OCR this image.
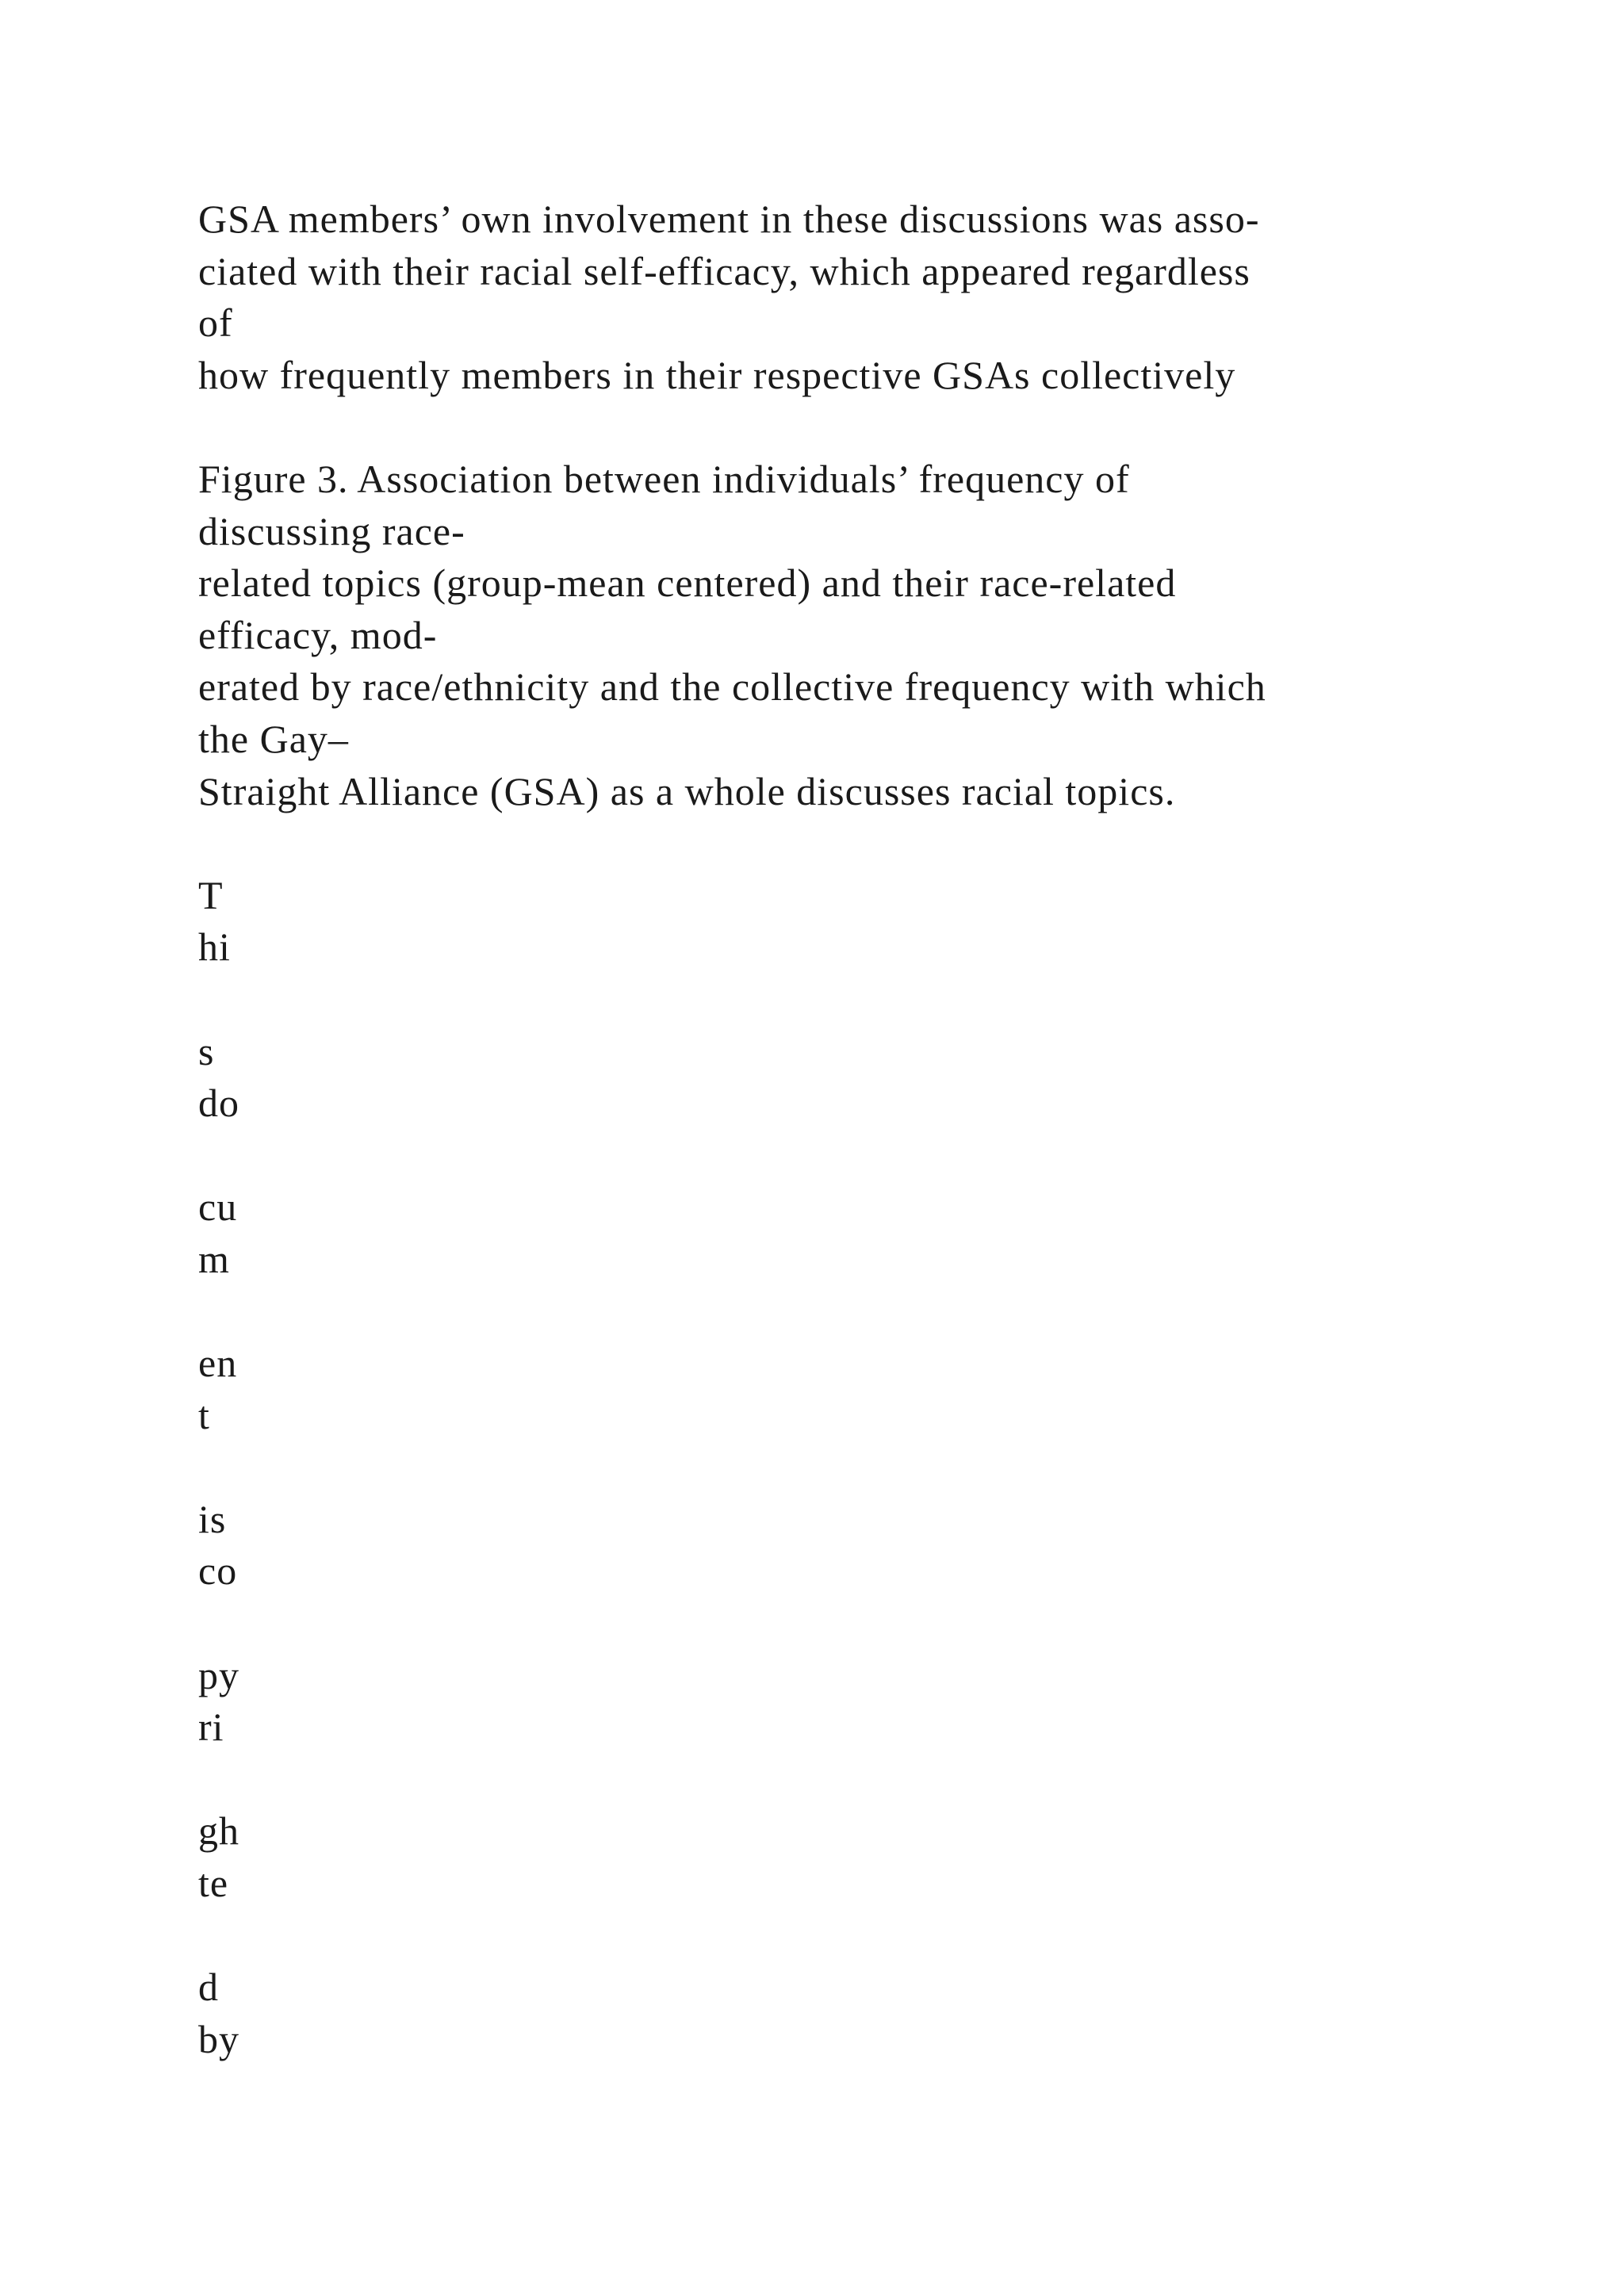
GSA members’ own involvement in these discussions was asso-
ciated with their racial self-efficacy, which appeared regardless
of
how frequently members in their respective GSAs collectively
Figure 3. Association between individuals’ frequency of
discussing race-
related topics (group-mean centered) and their race-related
efficacy, mod-
erated by race/ethnicity and the collective frequency with which
the Gay–
Straight Alliance (GSA) as a whole discusses racial topics.
T
hi
s
do
cu
m
en
t
is
co
py
ri
gh
te
d
by
